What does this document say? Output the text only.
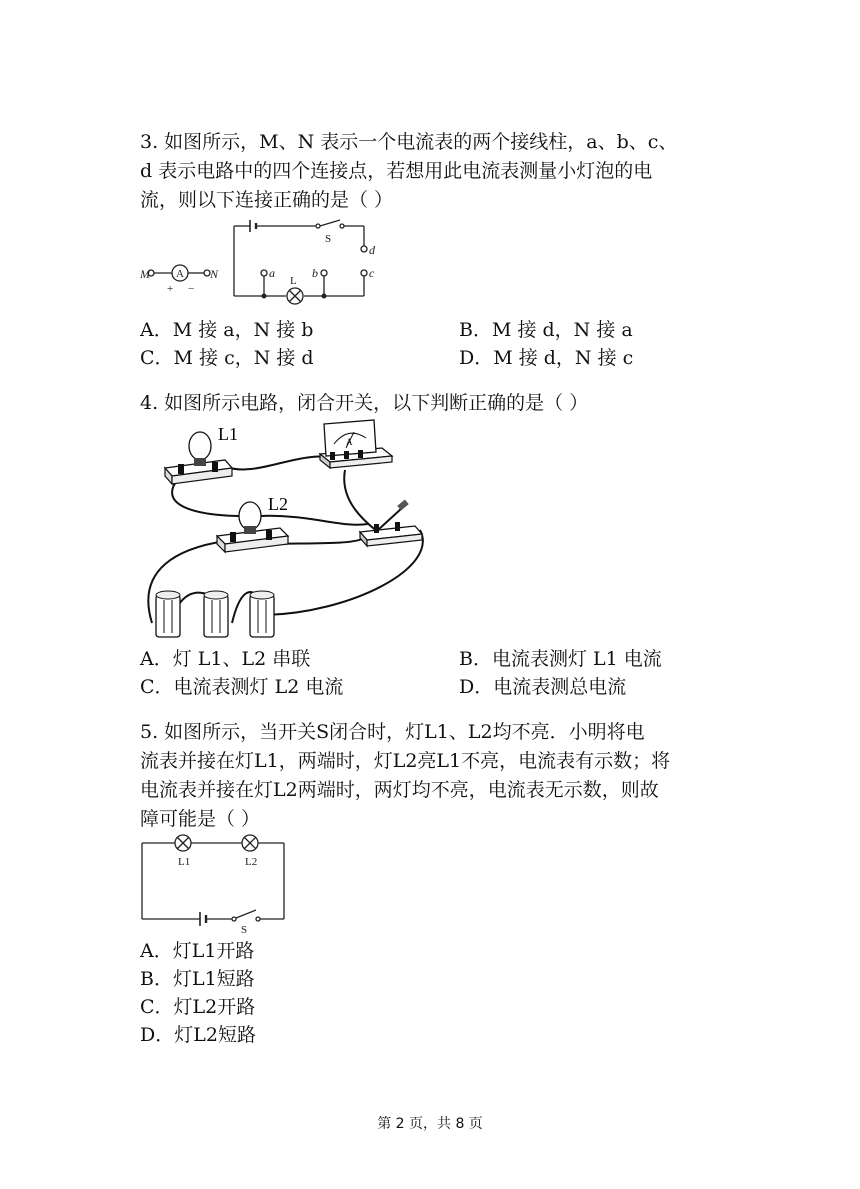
3. 如图所示，M、N 表示一个电流表的两个接线柱，a、b、c、
d 表示电路中的四个连接点，若想用此电流表测量小灯泡的电
流，则以下连接正确的是（ ）
M	N	a	b	c
d
A
+ −
S
L
A．M 接 a，N 接 b	B．M 接 d，N 接 a
C．M 接 c，N 接 d	D．M 接 d，N 接 c
4. 如图所示电路，闭合开关，以下判断正确的是（ ）
L1
L2
A
A．灯 L1、L2 串联	B．电流表测灯 L1 电流
C．电流表测灯 L2 电流	D．电流表测总电流
5. 如图所示，当开关S闭合时，灯L1、L2均不亮．小明将电
流表并接在灯L1，两端时，灯L2亮L1不亮，电流表有示数；将
电流表并接在灯L2两端时，两灯均不亮，电流表无示数，则故
障可能是（ ）
L1	L2
S
A．灯L1开路
B．灯L1短路
C．灯L2开路
D．灯L2短路
第 2 页，共 8 页
